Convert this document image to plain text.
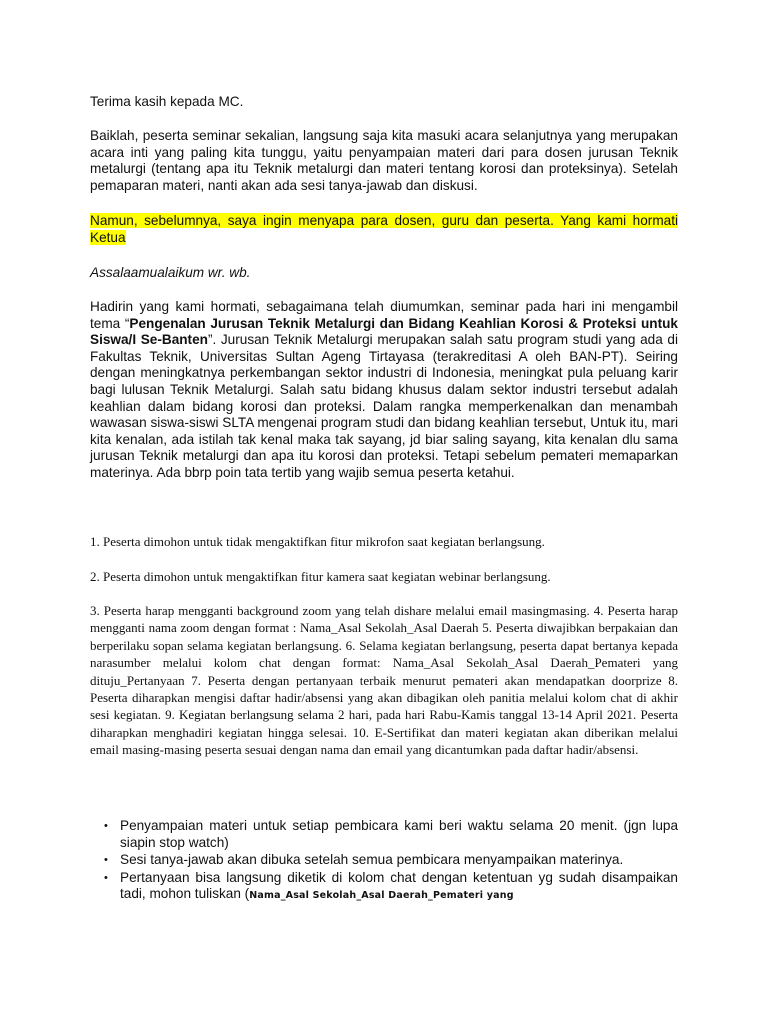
Terima kasih kepada MC.

Baiklah, peserta seminar sekalian, langsung saja kita masuki acara selanjutnya yang merupakan acara inti yang paling kita tunggu, yaitu penyampaian materi dari para dosen jurusan Teknik metalurgi (tentang apa itu Teknik metalurgi dan materi tentang korosi dan proteksinya). Setelah pemaparan materi, nanti akan ada sesi tanya-jawab dan diskusi.

Namun, sebelumnya, saya ingin menyapa para dosen, guru dan peserta. Yang kami hormati Ketua

Assalaamualaikum wr. wb.

Hadirin yang kami hormati, sebagaimana telah diumumkan, seminar pada hari ini mengambil tema “Pengenalan Jurusan Teknik Metalurgi dan Bidang Keahlian Korosi & Proteksi untuk Siswa/I Se-Banten”. Jurusan Teknik Metalurgi merupakan salah satu program studi yang ada di Fakultas Teknik, Universitas Sultan Ageng Tirtayasa (terakreditasi A oleh BAN-PT). Seiring dengan meningkatnya perkembangan sektor industri di Indonesia, meningkat pula peluang karir bagi lulusan Teknik Metalurgi. Salah satu bidang khusus dalam sektor industri tersebut adalah keahlian dalam bidang korosi dan proteksi. Dalam rangka memperkenalkan dan menambah wawasan siswa-siswi SLTA mengenai program studi dan bidang keahlian tersebut, Untuk itu, mari kita kenalan, ada istilah tak kenal maka tak sayang, jd biar saling sayang, kita kenalan dlu sama jurusan Teknik metalurgi dan apa itu korosi dan proteksi. Tetapi sebelum pemateri memaparkan materinya. Ada bbrp poin tata tertib yang wajib semua peserta ketahui.

1. Peserta dimohon untuk tidak mengaktifkan fitur mikrofon saat kegiatan berlangsung.

2. Peserta dimohon untuk mengaktifkan fitur kamera saat kegiatan webinar berlangsung.

3. Peserta harap mengganti background zoom yang telah dishare melalui email masingmasing. 4. Peserta harap mengganti nama zoom dengan format : Nama_Asal Sekolah_Asal Daerah 5. Peserta diwajibkan berpakaian dan berperilaku sopan selama kegiatan berlangsung. 6. Selama kegiatan berlangsung, peserta dapat bertanya kepada narasumber melalui kolom chat dengan format: Nama_Asal Sekolah_Asal Daerah_Pemateri yang dituju_Pertanyaan 7. Peserta dengan pertanyaan terbaik menurut pemateri akan mendapatkan doorprize 8. Peserta diharapkan mengisi daftar hadir/absensi yang akan dibagikan oleh panitia melalui kolom chat di akhir sesi kegiatan. 9. Kegiatan berlangsung selama 2 hari, pada hari Rabu-Kamis tanggal 13-14 April 2021. Peserta diharapkan menghadiri kegiatan hingga selesai. 10. E-Sertifikat dan materi kegiatan akan diberikan melalui email masing-masing peserta sesuai dengan nama dan email yang dicantumkan pada daftar hadir/absensi.

• Penyampaian materi untuk setiap pembicara kami beri waktu selama 20 menit. (jgn lupa siapin stop watch)
• Sesi tanya-jawab akan dibuka setelah semua pembicara menyampaikan materinya.
• Pertanyaan bisa langsung diketik di kolom chat dengan ketentuan yg sudah disampaikan tadi, mohon tuliskan (Nama_Asal Sekolah_Asal Daerah_Pemateri yang
